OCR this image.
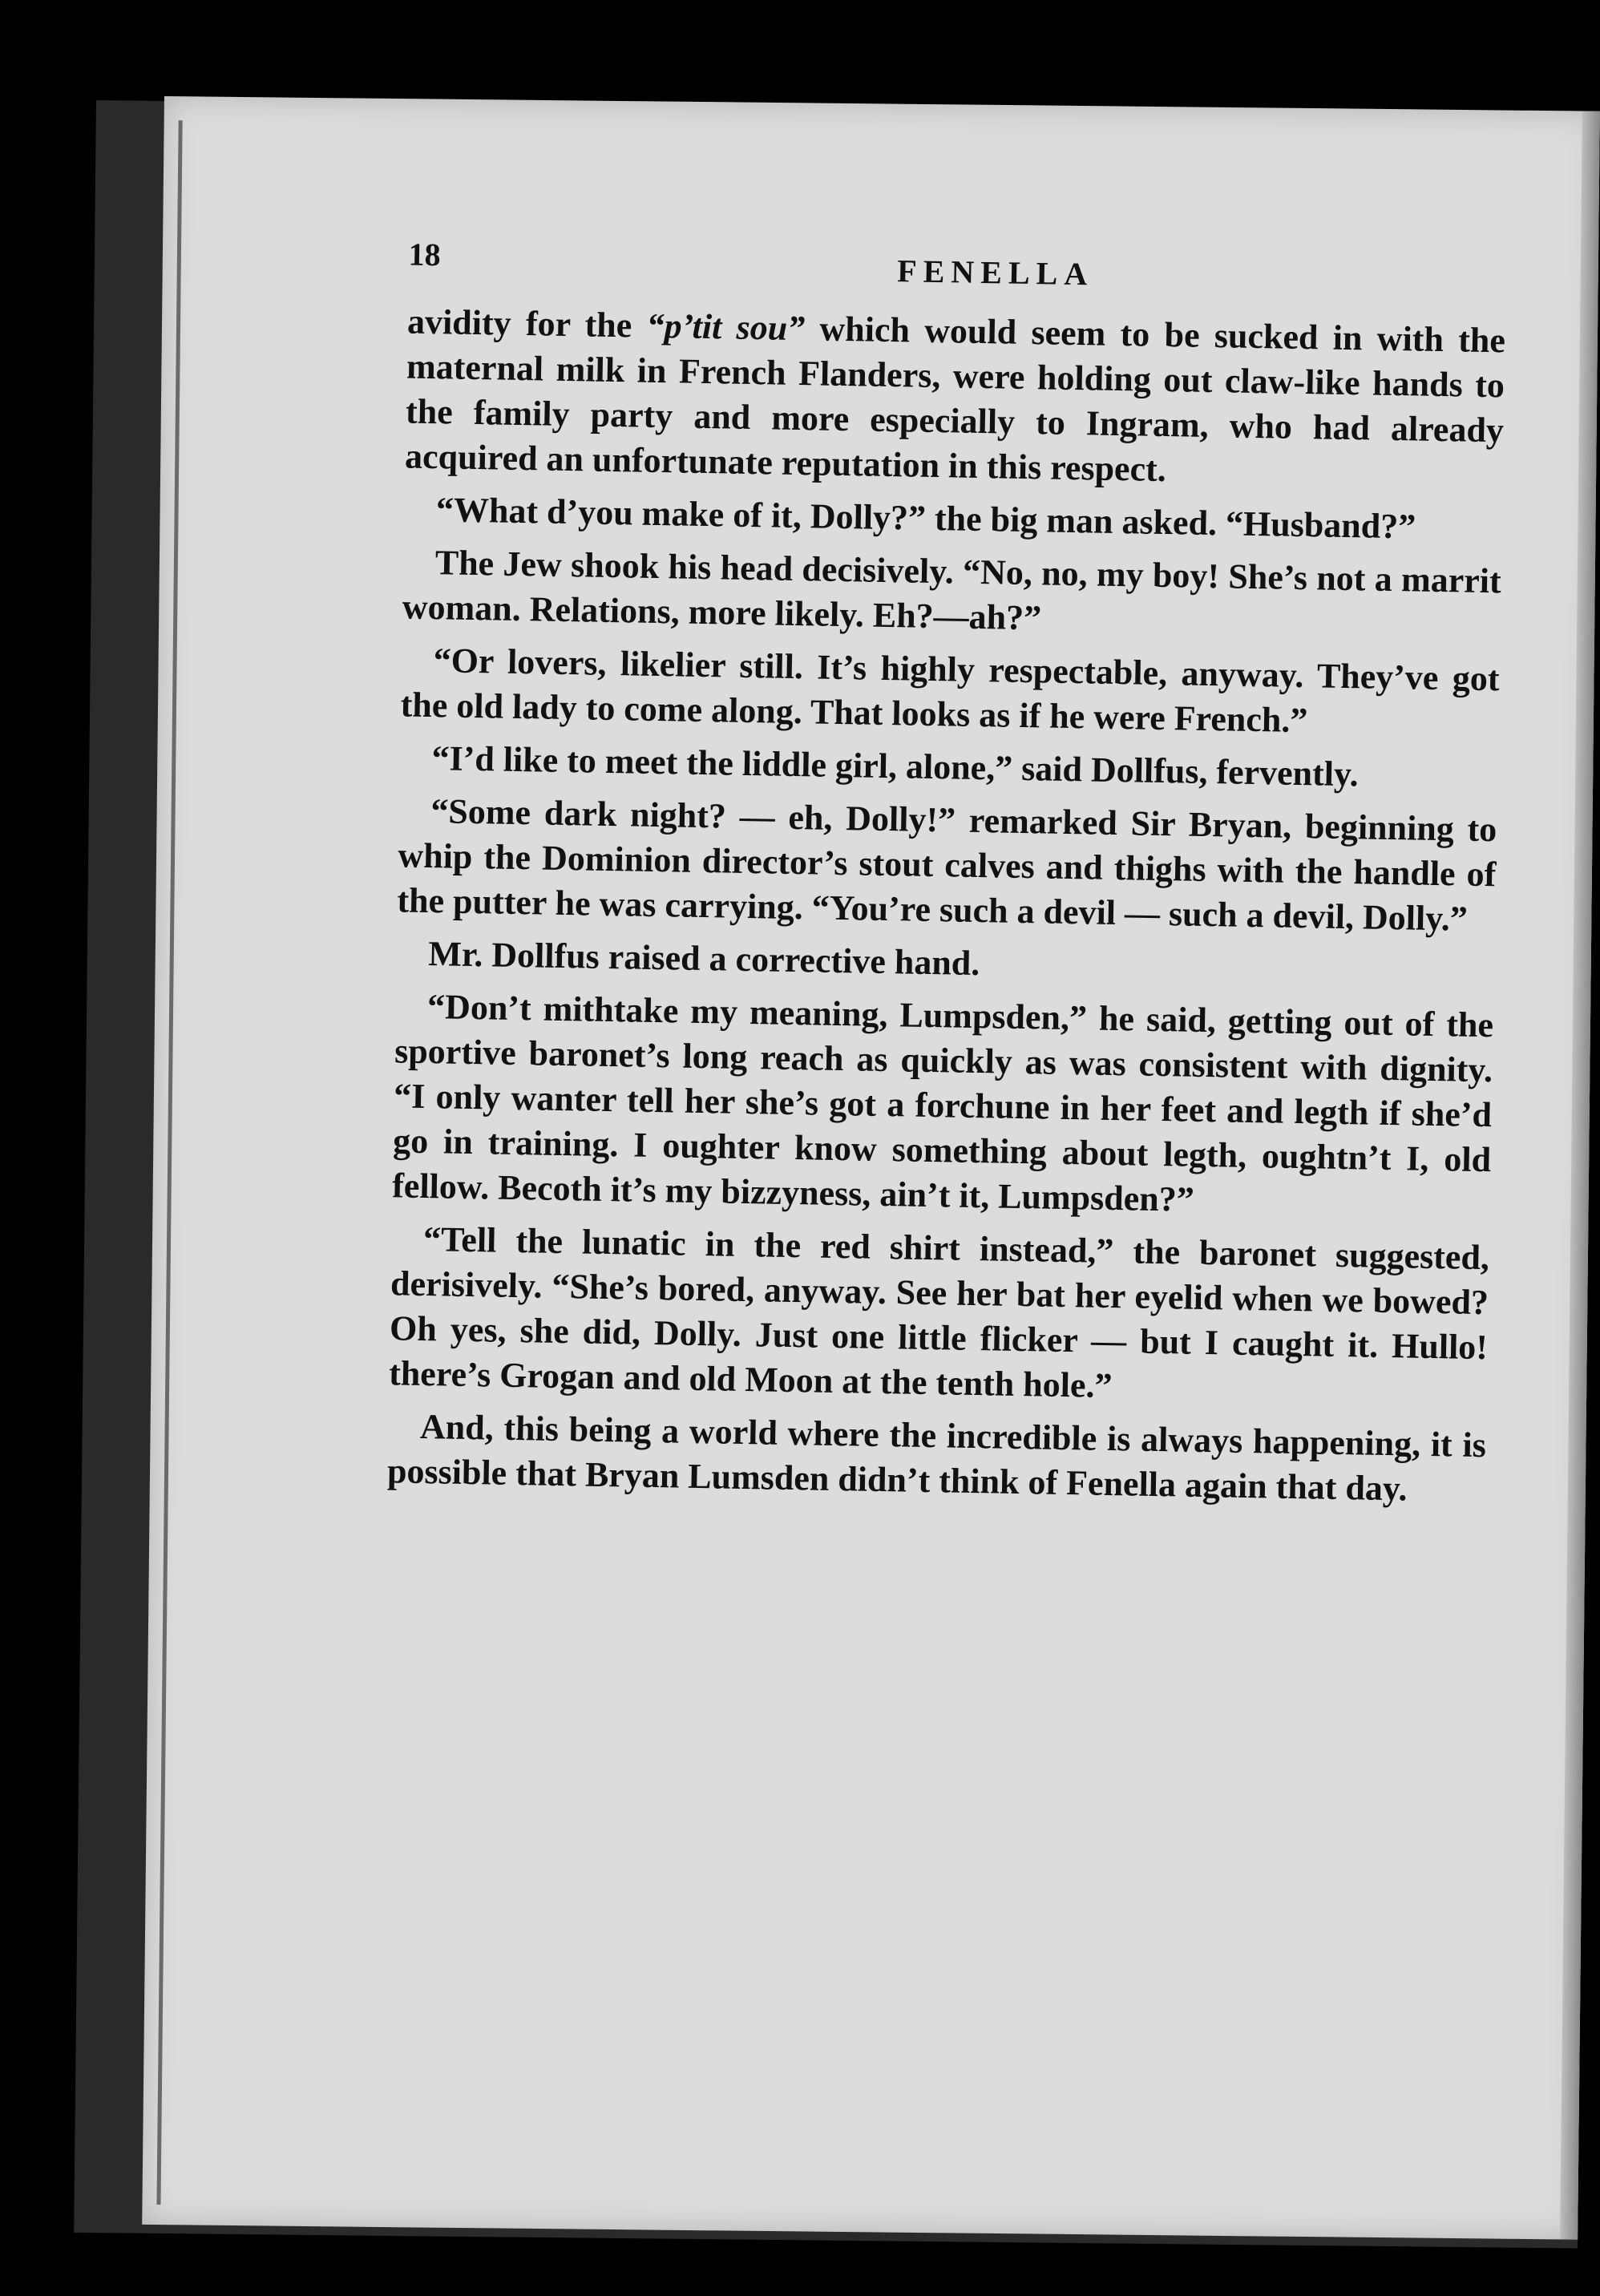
18	FENELLA

avidity for the “p’tit sou” which would seem to be sucked in with the maternal milk in French Flanders, were holding out claw-like hands to the family party and more especially to Ingram, who had already acquired an unfortunate reputation in this respect.

“What d’you make of it, Dolly?” the big man asked. “Husband?”

The Jew shook his head decisively. “No, no, my boy! She’s not a marrit woman. Relations, more likely. Eh?—ah?”

“Or lovers, likelier still. It’s highly respectable, anyway. They’ve got the old lady to come along. That looks as if he were French.”

“I’d like to meet the liddle girl, alone,” said Dollfus, fervently.

“Some dark night? — eh, Dolly!” remarked Sir Bryan, beginning to whip the Dominion director’s stout calves and thighs with the handle of the putter he was carrying. “You’re such a devil — such a devil, Dolly.”

Mr. Dollfus raised a corrective hand.

“Don’t mithtake my meaning, Lumpsden,” he said, getting out of the sportive baronet’s long reach as quickly as was consistent with dignity. “I only wanter tell her she’s got a forchune in her feet and legth if she’d go in training. I oughter know something about legth, oughtn’t I, old fellow. Becoth it’s my bizzyness, ain’t it, Lumpsden?”

“Tell the lunatic in the red shirt instead,” the baronet suggested, derisively. “She’s bored, anyway. See her bat her eyelid when we bowed? Oh yes, she did, Dolly. Just one little flicker — but I caught it. Hullo! there’s Grogan and old Moon at the tenth hole.”

And, this being a world where the incredible is always happening, it is possible that Bryan Lumsden didn’t think of Fenella again that day.
